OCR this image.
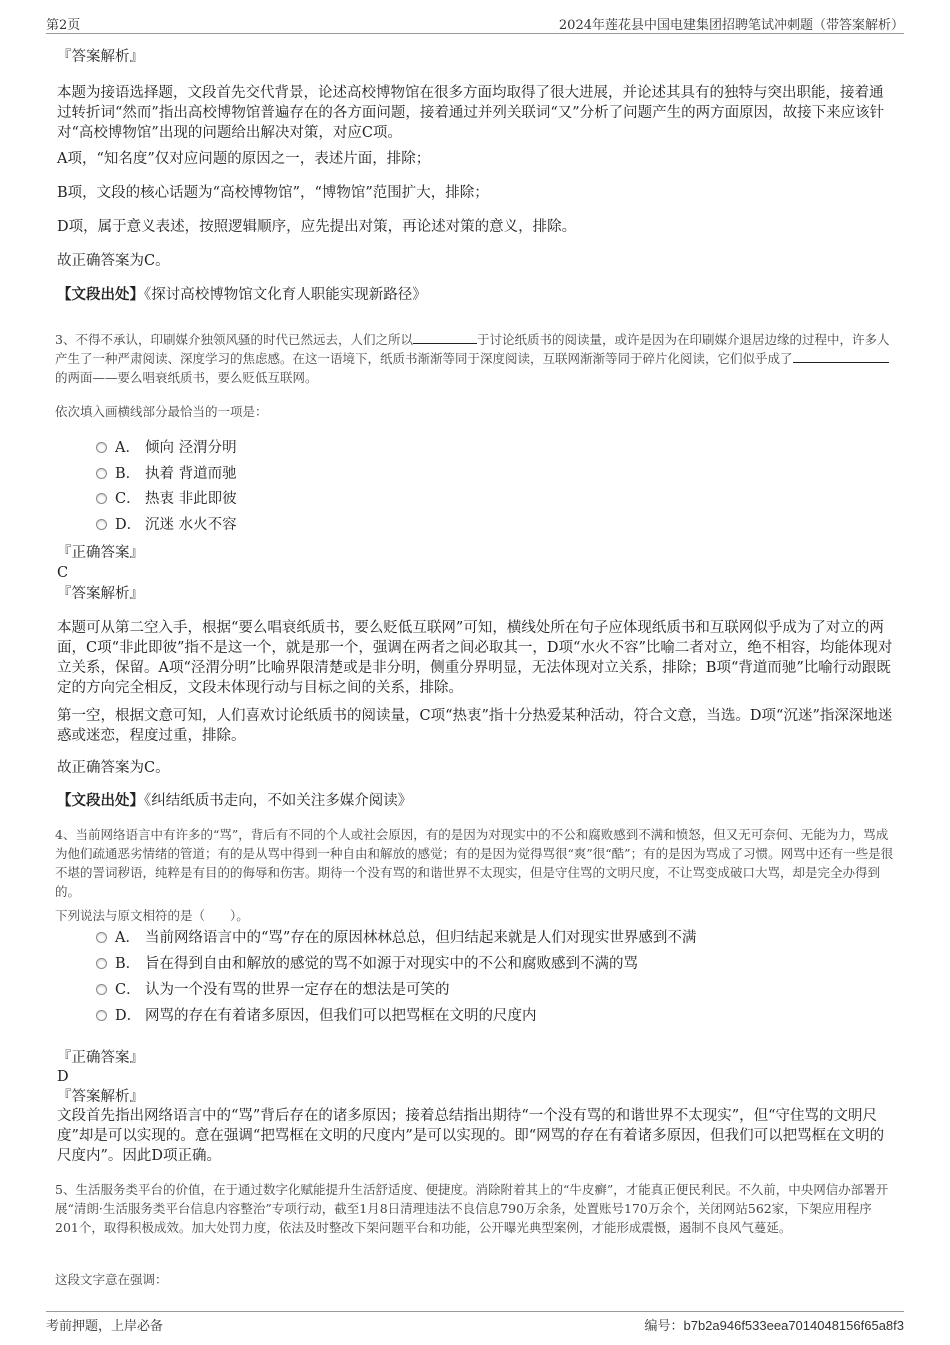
第2页	2024年莲花县中国电建集团招聘笔试冲刺题（带答案解析）
『答案解析』
本题为接语选择题，文段首先交代背景，论述高校博物馆在很多方面均取得了很大进展，并论述其具有的独特与突出职能，接着通过转折词“然而”指出高校博物馆普遍存在的各方面问题，接着通过并列关联词“又”分析了问题产生的两方面原因，故接下来应该针对“高校博物馆”出现的问题给出解决对策，对应C项。
A项，“知名度”仅对应问题的原因之一，表述片面，排除；
B项，文段的核心话题为“高校博物馆”，“博物馆”范围扩大，排除；
D项，属于意义表述，按照逻辑顺序，应先提出对策，再论述对策的意义，排除。
故正确答案为C。
【文段出处】《探讨高校博物馆文化育人职能实现新路径》
3、不得不承认，印刷媒介独领风骚的时代已然远去，人们之所以	于讨论纸质书的阅读量，或许是因为在印刷媒介退居边缘的过程中，许多人产生了一种严肃阅读、深度学习的焦虑感。在这一语境下，纸质书渐渐等同于深度阅读，互联网渐渐等同于碎片化阅读，它们似乎成了的两面——要么唱衰纸质书，要么贬低互联网。
依次填入画横线部分最恰当的一项是：
A． 倾向 泾渭分明
B． 执着 背道而驰
C． 热衷 非此即彼
D． 沉迷 水火不容
『正确答案』
C
『答案解析』
本题可从第二空入手，根据“要么唱衰纸质书，要么贬低互联网”可知，横线处所在句子应体现纸质书和互联网似乎成为了对立的两面，C项“非此即彼”指不是这一个，就是那一个，强调在两者之间必取其一，D项“水火不容”比喻二者对立，绝不相容，均能体现对立关系，保留。A项“泾渭分明”比喻界限清楚或是非分明，侧重分界明显，无法体现对立关系，排除；B项“背道而驰”比喻行动跟既定的方向完全相反，文段未体现行动与目标之间的关系，排除。
第一空，根据文意可知，人们喜欢讨论纸质书的阅读量，C项“热衷”指十分热爱某种活动，符合文意，当选。D项“沉迷”指深深地迷惑或迷恋，程度过重，排除。
故正确答案为C。
【文段出处】《纠结纸质书走向，不如关注多媒介阅读》
4、当前网络语言中有许多的“骂”，背后有不同的个人或社会原因，有的是因为对现实中的不公和腐败感到不满和愤怒，但又无可奈何、无能为力，骂成为他们疏通恶劣情绪的管道；有的是从骂中得到一种自由和解放的感觉；有的是因为觉得骂很“爽”很“酷”；有的是因为骂成了习惯。网骂中还有一些是很不堪的詈词秽语，纯粹是有目的的侮辱和伤害。期待一个没有骂的和谐世界不太现实，但是守住骂的文明尺度，不让骂变成破口大骂，却是完全办得到的。
下列说法与原文相符的是（　　）。
A． 当前网络语言中的“骂”存在的原因林林总总，但归结起来就是人们对现实世界感到不满
B． 旨在得到自由和解放的感觉的骂不如源于对现实中的不公和腐败感到不满的骂
C． 认为一个没有骂的世界一定存在的想法是可笑的
D． 网骂的存在有着诸多原因，但我们可以把骂框在文明的尺度内
『正确答案』
D
『答案解析』
文段首先指出网络语言中的“骂”背后存在的诸多原因；接着总结指出期待“一个没有骂的和谐世界不太现实”，但“守住骂的文明尺度”却是可以实现的。意在强调“把骂框在文明的尺度内”是可以实现的。即“网骂的存在有着诸多原因，但我们可以把骂框在文明的尺度内”。因此D项正确。
5、生活服务类平台的价值，在于通过数字化赋能提升生活舒适度、便捷度。消除附着其上的“牛皮癣”，才能真正便民利民。不久前，中央网信办部署开展“清朗·生活服务类平台信息内容整治”专项行动，截至1月8日清理违法不良信息790万余条，处置账号170万余个，关闭网站562家，下架应用程序201个，取得积极成效。加大处罚力度，依法及时整改下架问题平台和功能，公开曝光典型案例，才能形成震慑，遏制不良风气蔓延。
这段文字意在强调：
考前押题，上岸必备	编号：b7b2a946f533eea7014048156f65a8f3
